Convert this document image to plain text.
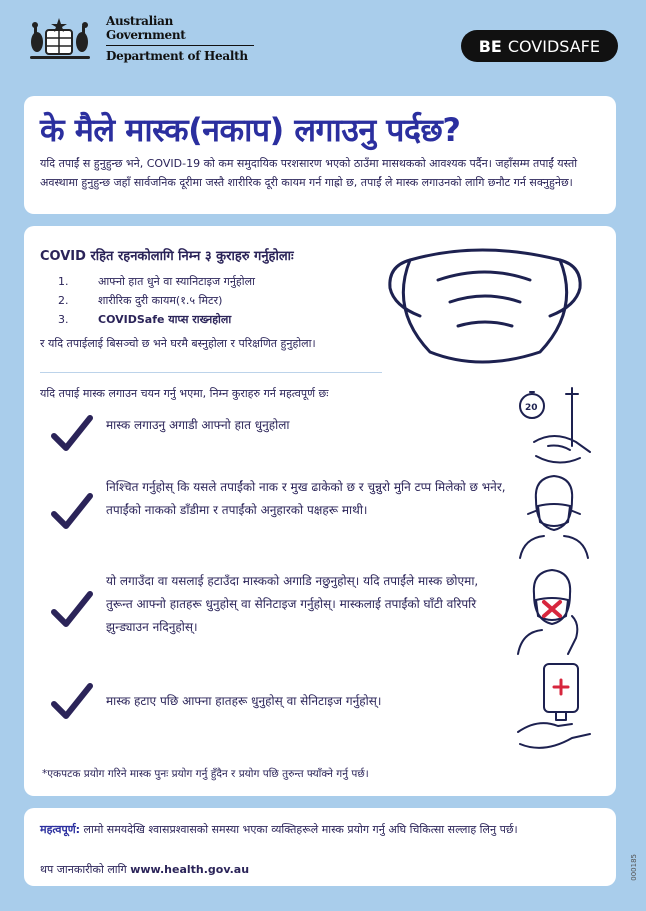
Australian Government
Department of Health
BE COVIDSAFE
के मैले मास्क(नकाप) लगाउनु पर्दछ?
यदि तपाईं स हुनुहुन्छ भने, COVID-19 को कम समुदायिक परशसारण भएको ठाउँमा मासथकको आवश्यक पर्दैन। जहाँसम्म तपाईं यस्तो अवस्थामा हुनुहुन्छ जहाँ सार्वजनिक दूरीमा जस्तै शारीरिक दूरी कायम गर्न गाह्रो छ, तपाईं ले मास्क लगाउनको लागि छनौट गर्न सक्नुहुनेछ।
COVID रहित रहनकोलागि निम्न ३ कुराहरु गर्नुहोलाः
1.	आफ्नो हात धुने वा स्यानिटाइज गर्नुहोला
2.	शारीरिक दुरी कायम(१.५ मिटर)
3.	COVIDSafe याप्स राख्नहोला
र यदि तपाईलाई बिसञ्चो छ भने घरमै बस्नुहोला र परिक्षणित हुनुहोला।
यदि तपाई मास्क लगाउन चयन गर्नु भएमा, निम्न कुराहरु गर्न महत्वपूर्ण छः
मास्क लगाउनु अगाडी आफ्नो हात धुनुहोला
20
निश्चित गर्नुहोस् कि यसले तपाईंको नाक र मुख ढाकेको छ र चुन्नुरो मुनि टप्प मिलेको छ भनेर, तपाईंको नाकको डाँडीमा र तपाईंको अनुहारको पक्षहरू माथी।
यो लगाउँदा वा यसलाई हटाउँदा मास्कको अगाडि नछुनुहोस्। यदि तपाईंले मास्क छोएमा, तुरून्त आफ्नो हातहरू धुनुहोस् वा सेनिटाइज गर्नुहोस्। मास्कलाई तपाईंको घाँटी वरिपरि झुन्ड्याउन नदिनुहोस्।
मास्क हटाए पछि आफ्ना हातहरू धुनुहोस् वा सेनिटाइज गर्नुहोस्।
*एकपटक प्रयोग गरिने मास्क पुनः प्रयोग गर्नु हुँदैन र प्रयोग पछि तुरुन्त फ्याँक्ने गर्नु पर्छ।
महत्वपूर्ण: लामो समयदेखि श्वासप्रश्वासको समस्या भएका व्यक्तिहरूले मास्क प्रयोग गर्नु अघि चिकित्सा सल्लाह लिनु पर्छ।
थप जानकारीको लागि www.health.gov.au	000185
